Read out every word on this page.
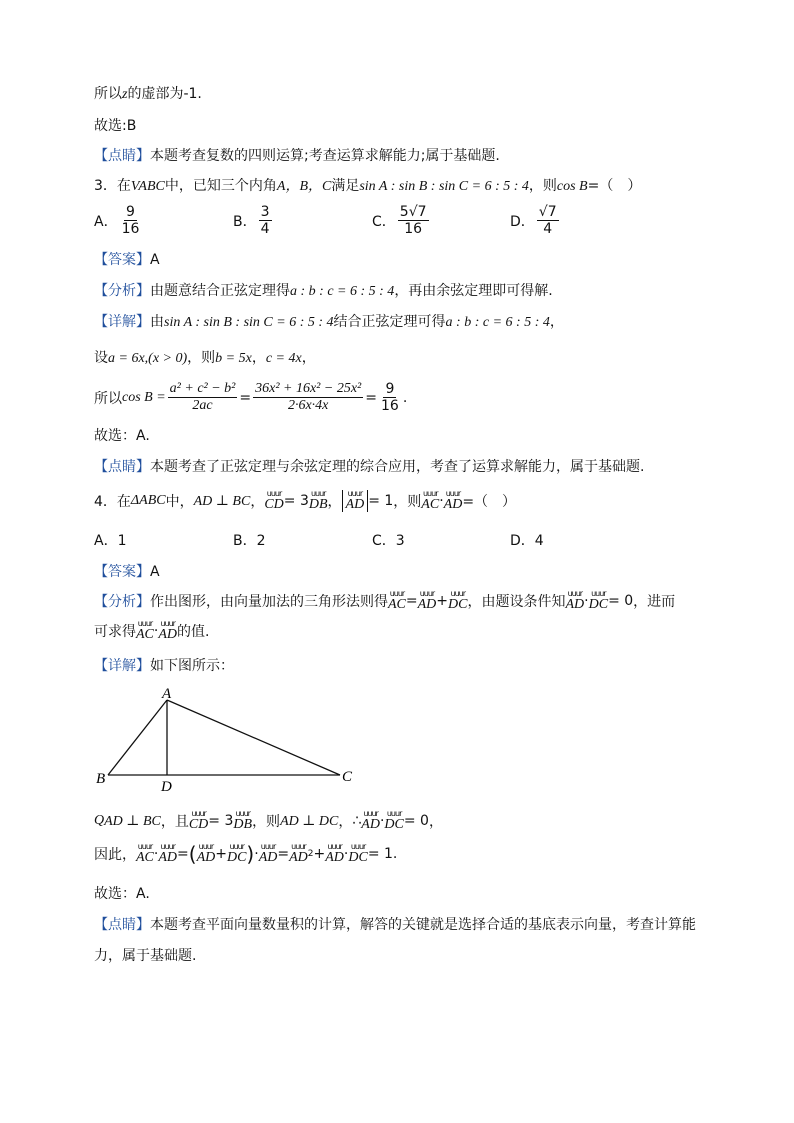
所以z的虚部为-1.
故选:B
【点睛】本题考查复数的四则运算;考查运算求解能力;属于基础题.
3．在VABC中，已知三个内角A，B，C满足sin A : sin B : sin C = 6 : 5 : 4，则cos B=（　）
A． $\frac{9}{16}$	B． $\frac{3}{4}$	C． $\frac{5√7}{16}$	D． $\frac{√7}{4}$
【答案】A
【分析】由题意结合正弦定理得a : b : c = 6 : 5 : 4，再由余弦定理即可得解.
【详解】由sin A : sin B : sin C = 6 : 5 : 4结合正弦定理可得a : b : c = 6 : 5 : 4，
设a = 6x,(x > 0)，则b = 5x，c = 4x，
所以 $\cos B = \frac{\text{a² + c² − b²}}{2ac} = \frac{\text{36x² + 16x² − 25x²}}{2\cdot 6x\cdot 4x} = \frac{9}{16}$ .
故选：A.
【点睛】本题考查了正弦定理与余弦定理的综合应用，考查了运算求解能力，属于基础题.
4．在 ΔABC 中， AD ⊥ BC ，
uuur
CD = 3 uuur
DB ，
uuur
AD = 1 ，则
uuur
AC · uuur
AD =（　）
A．1	B．2	C．3	D．4
【答案】A
【分析】 作出图形，由向量加法的三角形法则得
uuur
AC = uuur
AD + uuur
DC ，由题设条件知
uuur
AD · uuur
DC = 0 ，进而
可求得
uuur
AC · uuur
AD 的值.
【详解】如下图所示：
A
B	C
D
Q AD ⊥ BC ，且
uuur
CD = 3 uuur
DB ，则 AD ⊥ DC ， ∴ uuur
AD · uuur
DC = 0 ，
因此，
uuur
AC · uuur
AD = ( uuur
AD + uuur
DC ) · uuur
AD = uuur
AD 2 + uuur
AD · uuur
DC = 1.
故选：A.
【点睛】本题考查平面向量数量积的计算，解答的关键就是选择合适的基底表示向量，考查计算能
力，属于基础题.
